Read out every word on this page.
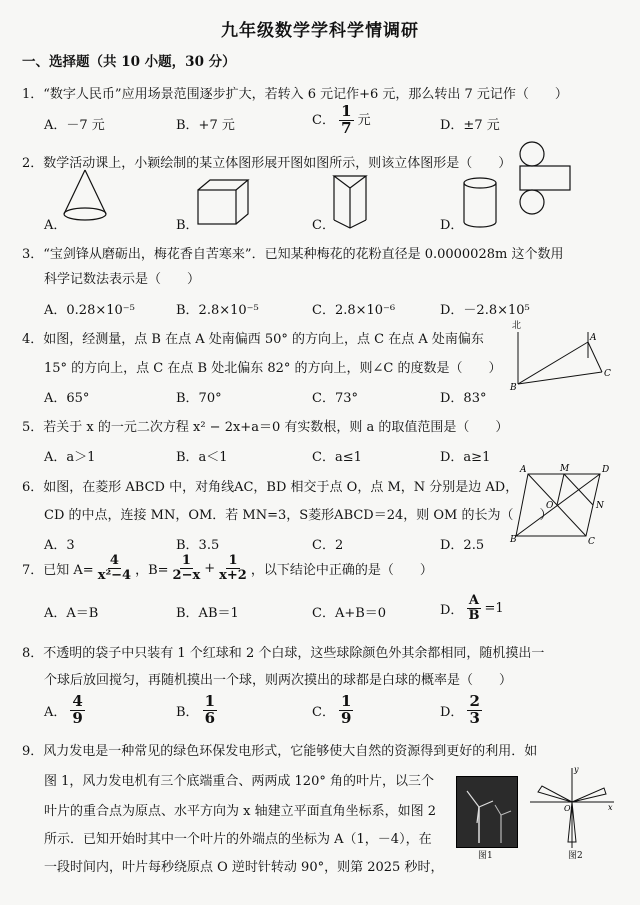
九年级数学学科学情调研
一、选择题（共 10 小题，30 分）
1．“数字人民币”应用场景范围逐步扩大，若转入 6 元记作+6 元，那么转出 7 元记作（　　）
A．－7 元	B．+7 元	C． $\frac{1}{7}$ 元	D．±7 元
2．数学活动课上，小颖绘制的某立体图形展开图如图所示，则该立体图形是（　　）
A．	B．	C．	D．
3．“宝剑锋从磨砺出，梅花香自苦寒来”．已知某种梅花的花粉直径是 0.0000028m 这个数用
科学记数法表示是（　　）
A．0.28×10⁻⁵	B．2.8×10⁻⁵	C．2.8×10⁻⁶	D．－2.8×10⁵
4．如图，经测量，点 B 在点 A 处南偏西 50° 的方向上，点 C 在点 A 处南偏东
15° 的方向上，点 C 在点 B 处北偏东 82° 的方向上，则∠C 的度数是（　　）
北
A
B
C
A．65°	B．70°	C．73°	D．83°
5．若关于 x 的一元二次方程 x² − 2x+a＝0 有实数根，则 a 的取值范围是（　　）
A．a＞1	B．a＜1	C．a≤1	D．a≥1
6．如图，在菱形 ABCD 中，对角线AC，BD 相交于点 O，点 M，N 分别是边 AD，
CD 的中点，连接 MN，OM．若 MN=3，S菱形ABCD＝24，则 OM 的长为（　　）
A	D
B	C
M
N
O
A．3	B．3.5	C．2	D．2.5
7．已知 $A= \frac{4}{\text{x²−4}}$ ，$B= \frac{1}{2-x} + \frac{1}{x+2}$ ，以下结论中正确的是（　　）
A．A＝B	B．AB＝1	C．A+B＝0	D． $\frac{A}{B} =1$
8．不透明的袋子中只装有 1 个红球和 2 个白球，这些球除颜色外其余都相同，随机摸出一
个球后放回搅匀，再随机摸出一个球，则两次摸出的球都是白球的概率是（　　）
A． $\frac{4}{9}$	B． $\frac{1}{6}$	C． $\frac{1}{9}$	D． $\frac{2}{3}$
9．风力发电是一种常见的绿色环保发电形式，它能够使大自然的资源得到更好的利用．如
图 1，风力发电机有三个底端重合、两两成 120° 角的叶片，以三个
叶片的重合点为原点、水平方向为 x 轴建立平面直角坐标系，如图 2
所示．已知开始时其中一个叶片的外端点的坐标为 A（1，－4），在
一段时间内，叶片每秒绕原点 O 逆时针转动 90°，则第 2025 秒时，
图1
y
x
O
图2
